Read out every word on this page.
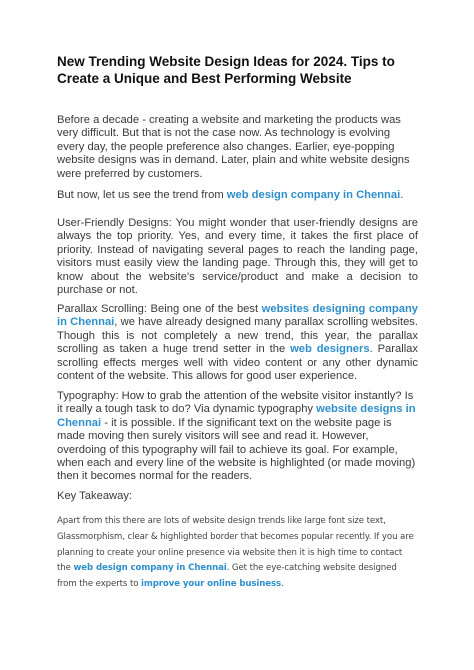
New Trending Website Design Ideas for 2024. Tips to Create a Unique and Best Performing Website

Before a decade - creating a website and marketing the products was very difficult. But that is not the case now. As technology is evolving every day, the people preference also changes. Earlier, eye-popping website designs was in demand. Later, plain and white website designs were preferred by customers.

But now, let us see the trend from web design company in Chennai.

User-Friendly Designs: You might wonder that user-friendly designs are always the top priority. Yes, and every time, it takes the first place of priority. Instead of navigating several pages to reach the landing page, visitors must easily view the landing page. Through this, they will get to know about the website's service/product and make a decision to purchase or not.

Parallax Scrolling: Being one of the best websites designing company in Chennai, we have already designed many parallax scrolling websites. Though this is not completely a new trend, this year, the parallax scrolling as taken a huge trend setter in the web designers. Parallax scrolling effects merges well with video content or any other dynamic content of the website. This allows for good user experience.

Typography: How to grab the attention of the website visitor instantly? Is it really a tough task to do? Via dynamic typography website designs in Chennai - it is possible. If the significant text on the website page is made moving then surely visitors will see and read it. However, overdoing of this typography will fail to achieve its goal. For example, when each and every line of the website is highlighted (or made moving) then it becomes normal for the readers.

Key Takeaway:

Apart from this there are lots of website design trends like large font size text, Glassmorphism, clear & highlighted border that becomes popular recently. If you are planning to create your online presence via website then it is high time to contact the web design company in Chennai. Get the eye-catching website designed from the experts to improve your online business.
